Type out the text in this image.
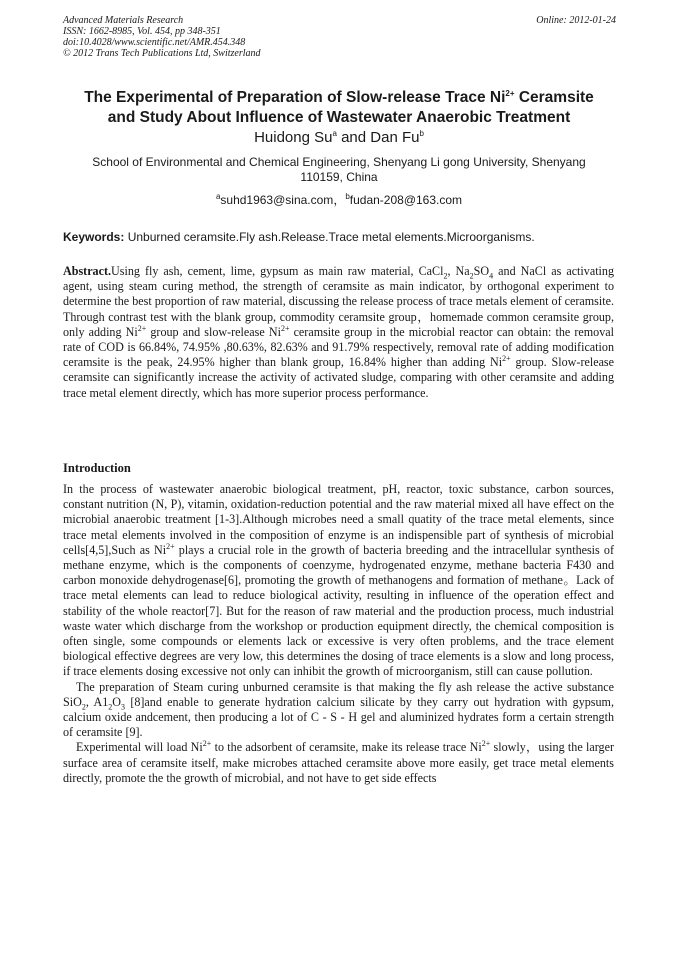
Advanced Materials Research
ISSN: 1662-8985, Vol. 454, pp 348-351
doi:10.4028/www.scientific.net/AMR.454.348
© 2012 Trans Tech Publications Ltd, Switzerland
Online: 2012-01-24
The Experimental of Preparation of Slow-release Trace $Ni^{2+}$ Ceramsite
and Study About Influence of Wastewater Anaerobic Treatment
Huidong Su$^a$ and Dan Fu$^b$
School of Environmental and Chemical Engineering, Shenyang Li gong University, Shenyang 110159, China
$^a$suhd1963@sina.com，$^b$fudan-208@163.com
Keywords: Unburned ceramsite.Fly ash.Release.Trace metal elements.Microorganisms.
Abstract.Using fly ash, cement, lime, gypsum as main raw material, CaCl$_2$, $Na_2SO_4$ and NaCl as activating agent, using steam curing method, the strength of ceramsite as main indicator, by orthogonal experiment to determine the best proportion of raw material, discussing the release process of trace metals element of ceramsite. Through contrast test with the blank group, commodity ceramsite group，homemade common ceramsite group, only adding $Ni^{2+}$ group and slow-release $Ni^{2+}$ ceramsite group in the microbial reactor can obtain: the removal rate of COD is 66.84%, 74.95% ,80.63%, 82.63% and 91.79% respectively, removal rate of adding modification ceramsite is the peak, 24.95% higher than blank group, 16.84% higher than adding $Ni^{2+}$ group. Slow-release ceramsite can significantly increase the activity of activated sludge, comparing with other ceramsite and adding trace metal element directly, which has more superior process performance.
Introduction

In the process of wastewater anaerobic biological treatment, pH, reactor, toxic substance, carbon sources, constant nutrition (N, P), vitamin, oxidation-reduction potential and the raw material mixed all have effect on the microbial anaerobic treatment [1-3].Although microbes need a small quatity of the trace metal elements, since trace metal elements involved in the composition of enzyme is an indispensible part of synthesis of microbial cells[4,5],Such as $Ni^{2+}$ plays a crucial role in the growth of bacteria breeding and the intracellular synthesis of methane enzyme, which is the components of coenzyme, hydrogenated enzyme, methane bacteria F430 and carbon monoxide dehydrogenase[6], promoting the growth of methanogens and formation of methane。Lack of trace metal elements can lead to reduce biological activity, resulting in influence of the operation effect and stability of the whole reactor[7]. But for the reason of raw material and the production process, much industrial waste water which discharge from the workshop or production equipment directly, the chemical composition is often single, some compounds or elements lack or excessive is very often problems, and the trace element biological effective degrees are very low, this determines the dosing of trace elements is a slow and long process, if trace elements dosing excessive not only can inhibit the growth of microorganism, still can cause pollution.

The preparation of Steam curing unburned ceramsite is that making the fly ash release the active substance SiO$_2$, $A1_2O_3$ [8]and enable to generate hydration calcium silicate by they carry out hydration with gypsum, calcium oxide andcement, then producing a lot of C - S - H gel and aluminized hydrates form a certain strength of ceramsite [9].

Experimental will load $Ni^{2+}$ to the adsorbent of ceramsite, make its release trace $Ni^{2+}$ slowly，using the larger surface area of ceramsite itself, make microbes attached ceramsite above more easily, get trace metal elements directly, promote the the growth of microbial, and not have to get side effects
